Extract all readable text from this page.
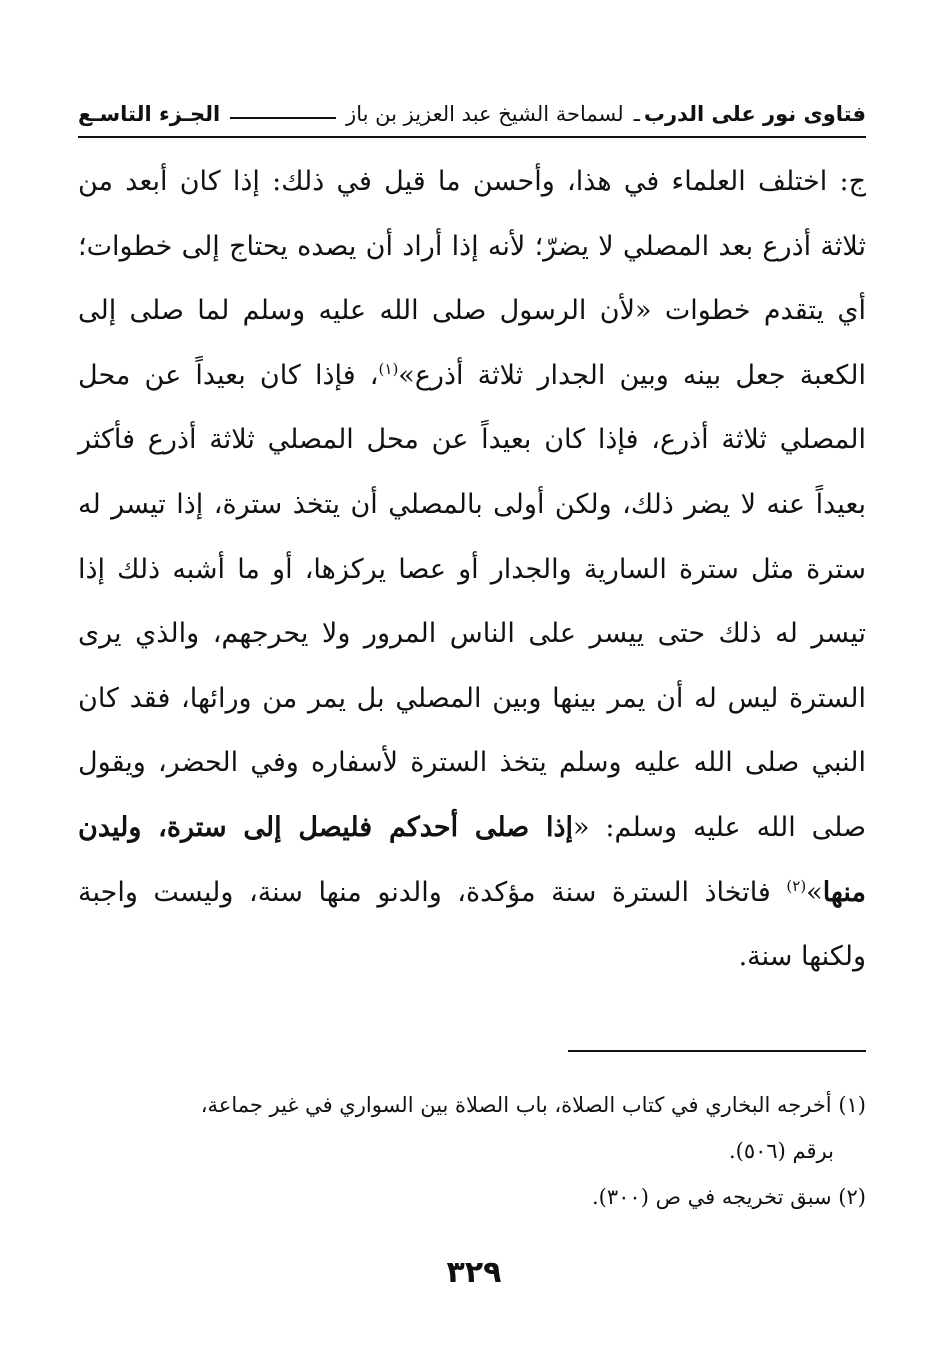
فتاوى نور على الدرب
ـ
لسماحة الشيخ عبد العزيز بن باز
الجـزء التاسـع

ج: اختلف العلماء في هذا، وأحسن ما قيل في ذلك: إذا كان أبعد من ثلاثة أذرع بعد المصلي لا يضرّ؛ لأنه إذا أراد أن يصده يحتاج إلى خطوات؛ أي يتقدم خطوات «لأن الرسول صلى الله عليه وسلم لما صلى إلى الكعبة جعل بينه وبين الجدار ثلاثة أذرع»$^{(١)}$، فإذا كان بعيداً عن محل المصلي ثلاثة أذرع، فإذا كان بعيداً عن محل المصلي ثلاثة أذرع فأكثر بعيداً عنه لا يضر ذلك، ولكن أولى بالمصلي أن يتخذ سترة، إذا تيسر له سترة مثل سترة السارية والجدار أو عصا يركزها، أو ما أشبه ذلك إذا تيسر له ذلك حتى ييسر على الناس المرور ولا يحرجهم، والذي يرى السترة ليس له أن يمر بينها وبين المصلي بل يمر من ورائها، فقد كان النبي صلى الله عليه وسلم يتخذ السترة لأسفاره وفي الحضر، ويقول صلى الله عليه وسلم: «إذا صلى أحدكم فليصل إلى سترة، وليدن منها»$^{(٢)}$ فاتخاذ السترة سنة مؤكدة، والدنو منها سنة، وليست واجبة ولكنها سنة.

(١) أخرجه البخاري في كتاب الصلاة، باب الصلاة بين السواري في غير جماعة،

برقم (٥٠٦).

(٢) سبق تخريجه في ص (٣٠٠).

٣٢٩
